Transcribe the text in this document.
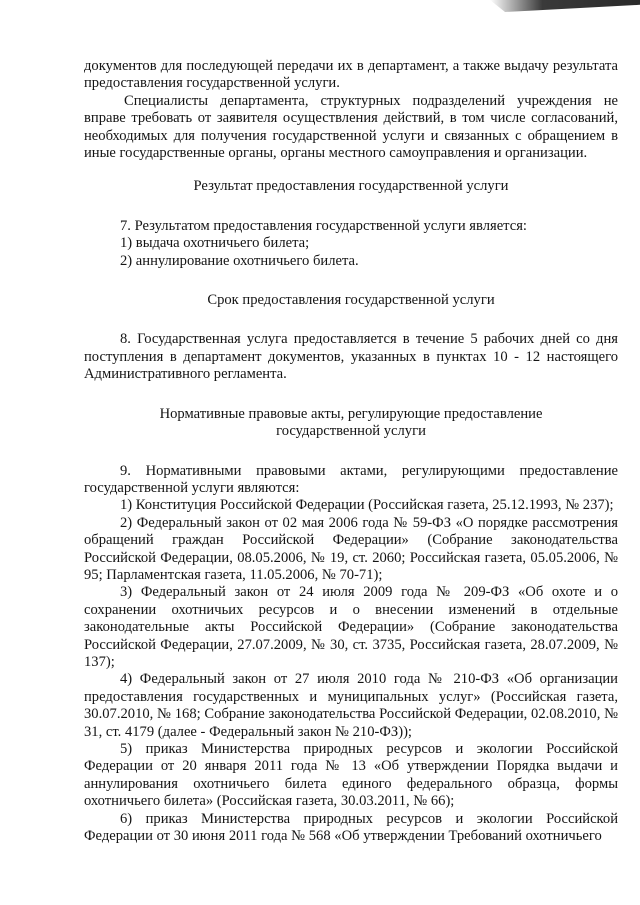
документов для последующей передачи их в департамент, а также выдачу результата предоставления государственной услуги.

Специалисты департамента, структурных подразделений учреждения не вправе требовать от заявителя осуществления действий, в том числе согласований, необходимых для получения государственной услуги и связанных с обращением в иные государственные органы, органы местного самоуправления и организации.

Результат предоставления государственной услуги

7. Результатом предоставления государственной услуги является:

1) выдача охотничьего билета;

2) аннулирование охотничьего билета.

Срок предоставления государственной услуги

8. Государственная услуга предоставляется в течение 5 рабочих дней со дня поступления в департамент документов, указанных в пунктах 10 - 12 настоящего Административного регламента.

Нормативные правовые акты, регулирующие предоставление

государственной услуги

9. Нормативными правовыми актами, регулирующими предоставление государственной услуги являются:

1) Конституция Российской Федерации (Российская газета, 25.12.1993, № 237);

2) Федеральный закон от 02 мая 2006 года № 59-ФЗ «О порядке рассмотрения обращений граждан Российской Федерации» (Собрание законодательства Российской Федерации, 08.05.2006, № 19, ст. 2060; Российская газета, 05.05.2006, № 95; Парламентская газета, 11.05.2006, № 70-71);

3) Федеральный закон от 24 июля 2009 года № 209-ФЗ «Об охоте и о сохранении охотничьих ресурсов и о внесении изменений в отдельные законодательные акты Российской Федерации» (Собрание законодательства Российской Федерации, 27.07.2009, № 30, ст. 3735, Российская газета, 28.07.2009, № 137);

4) Федеральный закон от 27 июля 2010 года № 210-ФЗ «Об организации предоставления государственных и муниципальных услуг» (Российская газета, 30.07.2010, № 168; Собрание законодательства Российской Федерации, 02.08.2010, № 31, ст. 4179 (далее - Федеральный закон № 210-ФЗ));

5) приказ Министерства природных ресурсов и экологии Российской Федерации от 20 января 2011 года № 13 «Об утверждении Порядка выдачи и аннулирования охотничьего билета единого федерального образца, формы охотничьего билета» (Российская газета, 30.03.2011, № 66);

6) приказ Министерства природных ресурсов и экологии Российской Федерации от 30 июня 2011 года № 568 «Об утверждении Требований охотничьего
